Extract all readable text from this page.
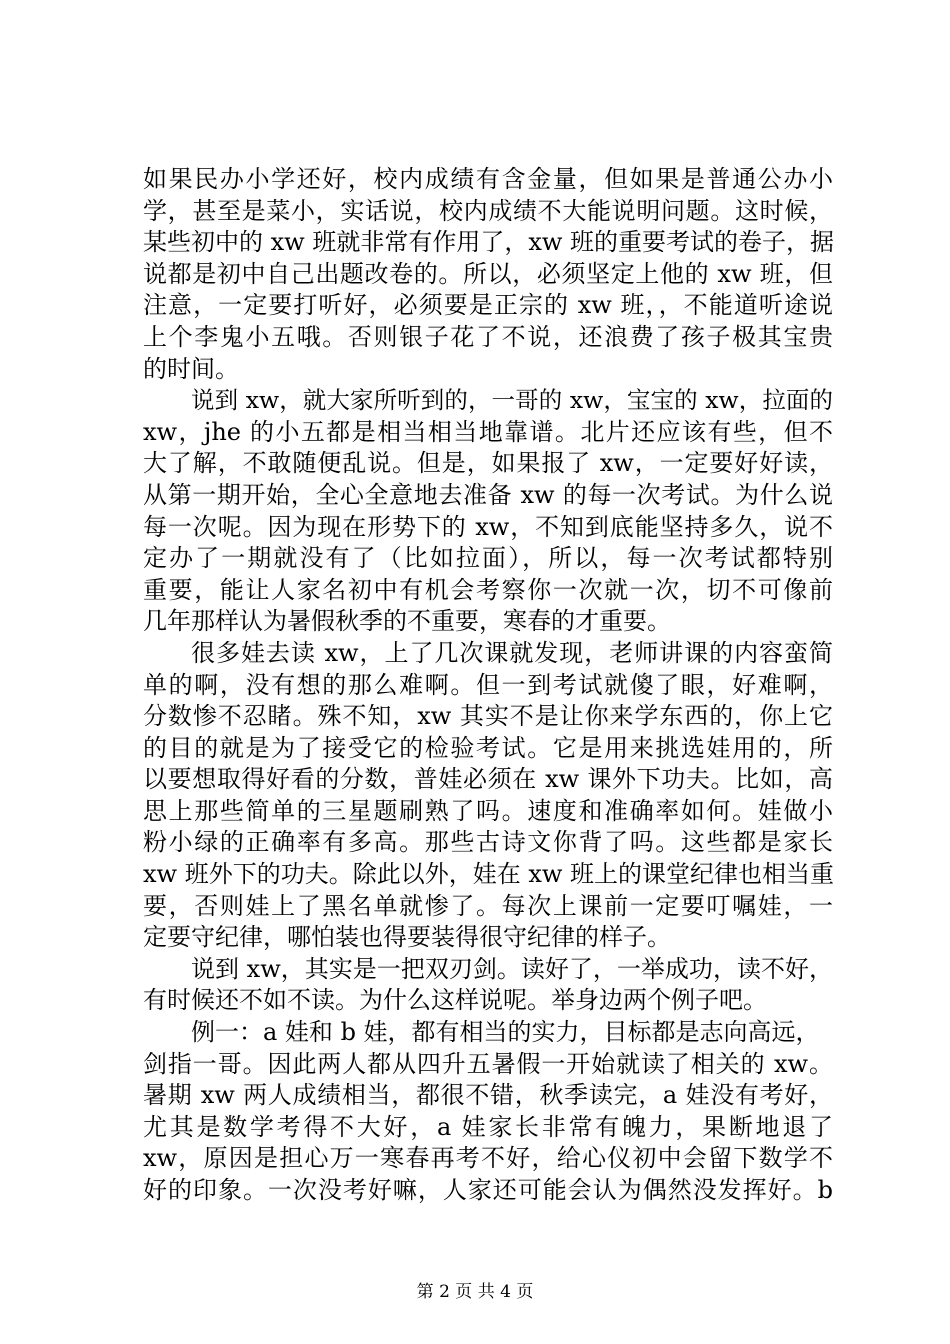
如果民办小学还好，校内成绩有含金量，但如果是普通公办小
学，甚至是菜小，实话说，校内成绩不大能说明问题。这时候，
某些初中的 xw 班就非常有作用了，xw 班的重要考试的卷子，据
说都是初中自己出题改卷的。所以，必须坚定上他的 xw 班，但
注意，一定要打听好，必须要是正宗的 xw 班，，不能道听途说
上个李鬼小五哦。否则银子花了不说，还浪费了孩子极其宝贵
的时间。
说到 xw，就大家所听到的，一哥的 xw，宝宝的 xw，拉面的
xw，jhe 的小五都是相当相当地靠谱。北片还应该有些，但不
大了解，不敢随便乱说。但是，如果报了 xw，一定要好好读，
从第一期开始，全心全意地去准备 xw 的每一次考试。为什么说
每一次呢。因为现在形势下的 xw，不知到底能坚持多久，说不
定办了一期就没有了（比如拉面），所以，每一次考试都特别
重要，能让人家名初中有机会考察你一次就一次，切不可像前
几年那样认为暑假秋季的不重要，寒春的才重要。
很多娃去读 xw，上了几次课就发现，老师讲课的内容蛮简
单的啊，没有想的那么难啊。但一到考试就傻了眼，好难啊，
分数惨不忍睹。殊不知，xw 其实不是让你来学东西的，你上它
的目的就是为了接受它的检验考试。它是用来挑选娃用的，所
以要想取得好看的分数，普娃必须在 xw 课外下功夫。比如，高
思上那些简单的三星题刷熟了吗。速度和准确率如何。娃做小
粉小绿的正确率有多高。那些古诗文你背了吗。这些都是家长
xw 班外下的功夫。除此以外，娃在 xw 班上的课堂纪律也相当重
要，否则娃上了黑名单就惨了。每次上课前一定要叮嘱娃，一
定要守纪律，哪怕装也得要装得很守纪律的样子。
说到 xw，其实是一把双刃剑。读好了，一举成功，读不好，
有时候还不如不读。为什么这样说呢。举身边两个例子吧。
例一：a 娃和 b 娃，都有相当的实力，目标都是志向高远，
剑指一哥。因此两人都从四升五暑假一开始就读了相关的 xw。
暑期 xw 两人成绩相当，都很不错，秋季读完，a 娃没有考好，
尤其是数学考得不大好，a 娃家长非常有魄力，果断地退了
xw，原因是担心万一寒春再考不好，给心仪初中会留下数学不
好的印象。一次没考好嘛，人家还可能会认为偶然没发挥好。b
第 2 页 共 4 页
